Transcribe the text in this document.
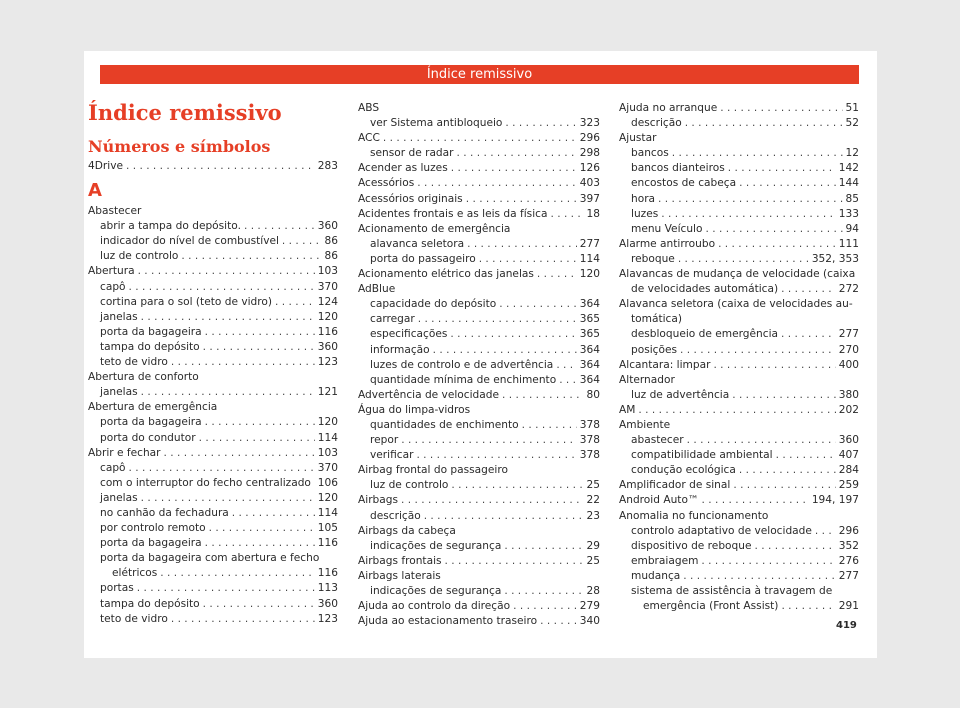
Índice remissivo
Índice remissivo
Números e símbolos
4Drive . . .	283
A
Abastecer
abrir a tampa do depósito. . . .	360
indicador do nível de combustível . . .	86
luz de controlo . . .	86
Abertura . . .	103
capô . . .	370
cortina para o sol (teto de vidro) . . .	124
janelas . . .	120
porta da bagageira . . .	116
tampa do depósito . . .	360
teto de vidro . . .	123
Abertura de conforto
janelas . . .	121
Abertura de emergência
porta da bagageira . . .	120
porta do condutor . . .	114
Abrir e fechar . . .	103
capô . . .	370
com o interruptor do fecho centralizado . . . 106
janelas . . .	120
no canhão da fechadura . . .	114
por controlo remoto . . .	105
porta da bagageira . . .	116
porta da bagageira com abertura e fecho
elétricos . . .	116
portas . . .	113
tampa do depósito . . .	360
teto de vidro . . .	123
ABS
ver Sistema antibloqueio . . .	323
ACC . . .	296
sensor de radar . . .	298
Acender as luzes . . .	126
Acessórios . . .	403
Acessórios originais . . .	397
Acidentes frontais e as leis da física . . .	18
Acionamento de emergência
alavanca seletora . . .	277
porta do passageiro . . .	114
Acionamento elétrico das janelas . . .	120
AdBlue
capacidade do depósito . . .	364
carregar . . .	365
especificações . . .	365
informação . . .	364
luzes de controlo e de advertência . . . 364
quantidade mínima de enchimento . . . 364
Advertência de velocidade . . .	80
Água do limpa-vidros
quantidades de enchimento . . .	378
repor . . .	378
verificar . . .	378
Airbag frontal do passageiro
luz de controlo . . .	25
Airbags . . .	22
descrição . . .	23
Airbags da cabeça
indicações de segurança . . .	29
Airbags frontais . . .	25
Airbags laterais
indicações de segurança . . .	28
Ajuda ao controlo da direção . . .	279
Ajuda ao estacionamento traseiro . . .	340
Ajuda no arranque . . .	51
descrição . . .	52
Ajustar
bancos . . .	12
bancos dianteiros . . .	142
encostos de cabeça . . .	144
hora . . .	85
luzes . . .	133
menu Veículo . . .	94
Alarme antirroubo . . .	111
reboque . . .	352, 353
Alavancas de mudança de velocidade (caixa
de velocidades automática) . . .	272
Alavanca seletora (caixa de velocidades au-
tomática)
desbloqueio de emergência . . .	277
posições . . .	270
Alcantara: limpar . . .	400
Alternador
luz de advertência . . .	380
AM . . .	202
Ambiente
abastecer . . .	360
compatibilidade ambiental . . .	407
condução ecológica . . .	284
Amplificador de sinal . . .	259
Android Auto™ . . .	194, 197
Anomalia no funcionamento
controlo adaptativo de velocidade . . .	296
dispositivo de reboque . . .	352
embraiagem . . .	276
mudança . . .	277
sistema de assistência à travagem de
emergência (Front Assist) . . .	291
419
